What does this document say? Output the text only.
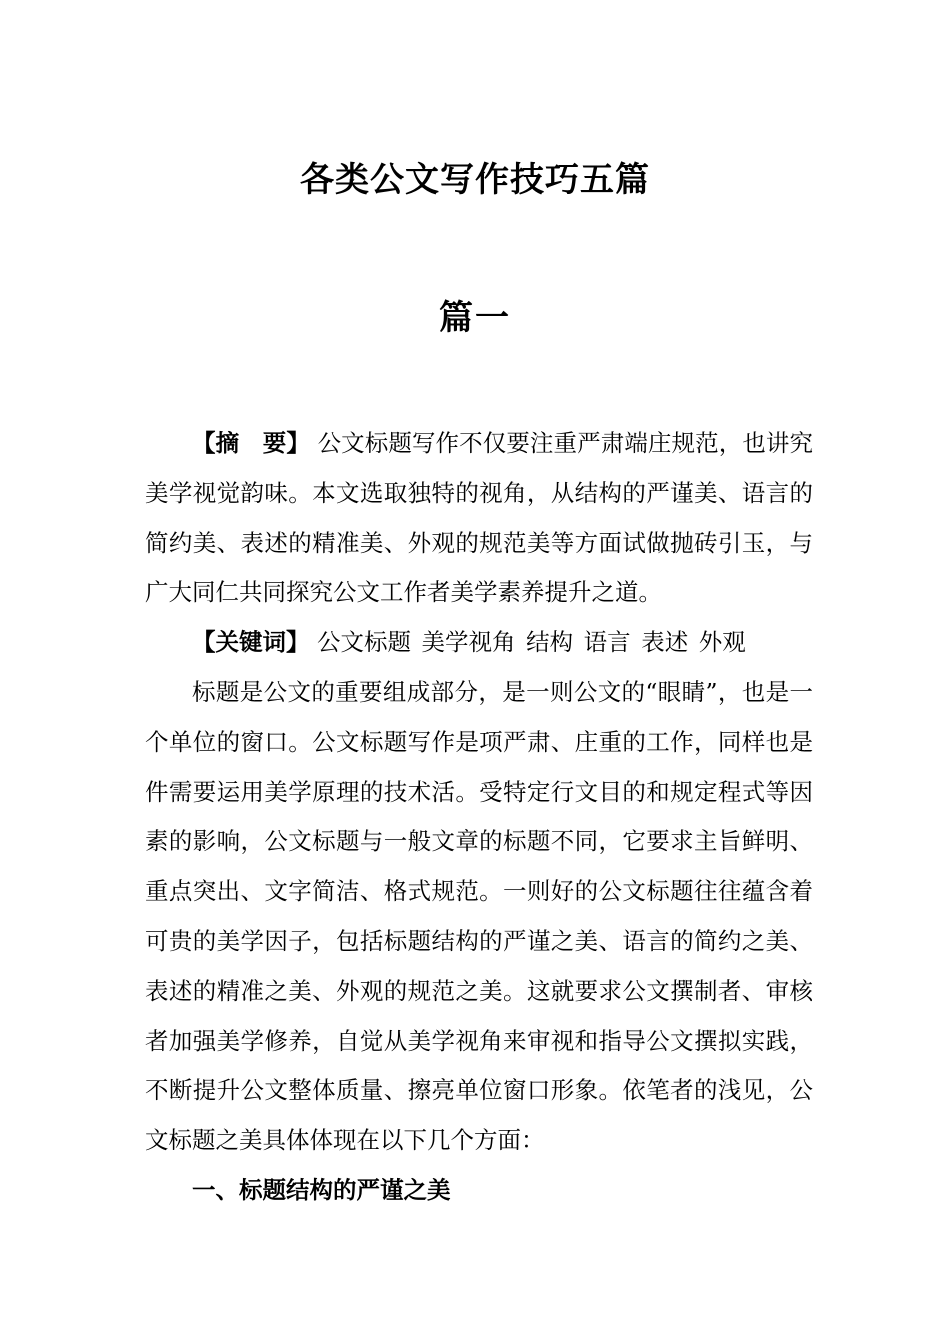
各类公文写作技巧五篇
篇一

【摘　要】 公文标题写作不仅要注重严肃端庄规范，也讲究美学视觉韵味。本文选取独特的视角，从结构的严谨美、语言的简约美、表述的精准美、外观的规范美等方面试做抛砖引玉，与广大同仁共同探究公文工作者美学素养提升之道。

【关键词】 公文标题 美学视角 结构 语言 表述 外观

标题是公文的重要组成部分，是一则公文的“眼睛”，也是一个单位的窗口。公文标题写作是项严肃、庄重的工作，同样也是件需要运用美学原理的技术活。受特定行文目的和规定程式等因素的影响，公文标题与一般文章的标题不同，它要求主旨鲜明、重点突出、文字简洁、格式规范。一则好的公文标题往往蕴含着可贵的美学因子，包括标题结构的严谨之美、语言的简约之美、表述的精准之美、外观的规范之美。这就要求公文撰制者、审核者加强美学修养，自觉从美学视角来审视和指导公文撰拟实践，不断提升公文整体质量、擦亮单位窗口形象。依笔者的浅见，公文标题之美具体体现在以下几个方面：

一、标题结构的严谨之美
